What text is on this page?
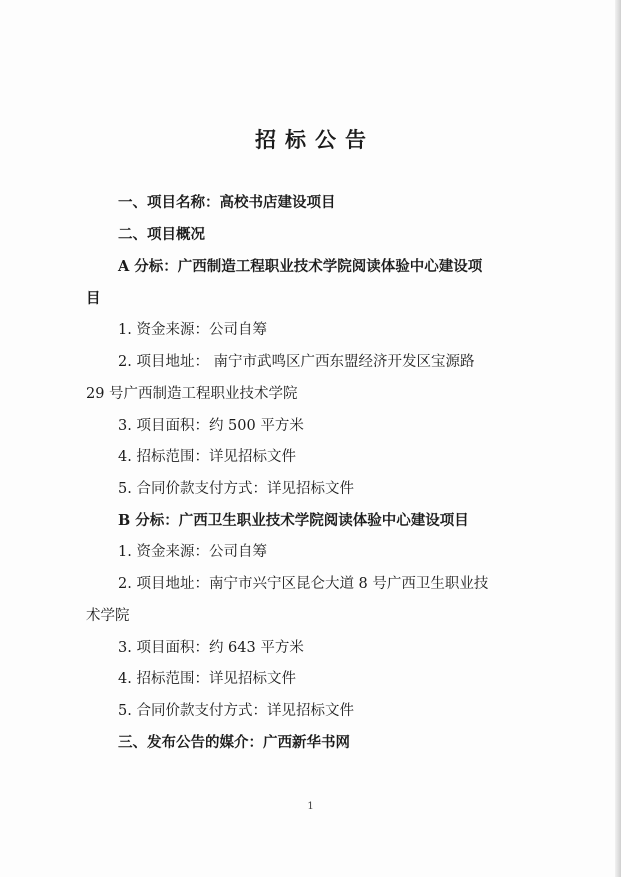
招标公告
一、项目名称：高校书店建设项目
二、项目概况
A 分标：广西制造工程职业技术学院阅读体验中心建设项
目
1. 资金来源：公司自筹
2. 项目地址： 南宁市武鸣区广西东盟经济开发区宝源路
29 号广西制造工程职业技术学院
3. 项目面积：约 500 平方米
4. 招标范围：详见招标文件
5. 合同价款支付方式：详见招标文件
B 分标：广西卫生职业技术学院阅读体验中心建设项目
1. 资金来源：公司自筹
2. 项目地址：南宁市兴宁区昆仑大道 8 号广西卫生职业技
术学院
3. 项目面积：约 643 平方米
4. 招标范围：详见招标文件
5. 合同价款支付方式：详见招标文件
三、发布公告的媒介：广西新华书网
1
